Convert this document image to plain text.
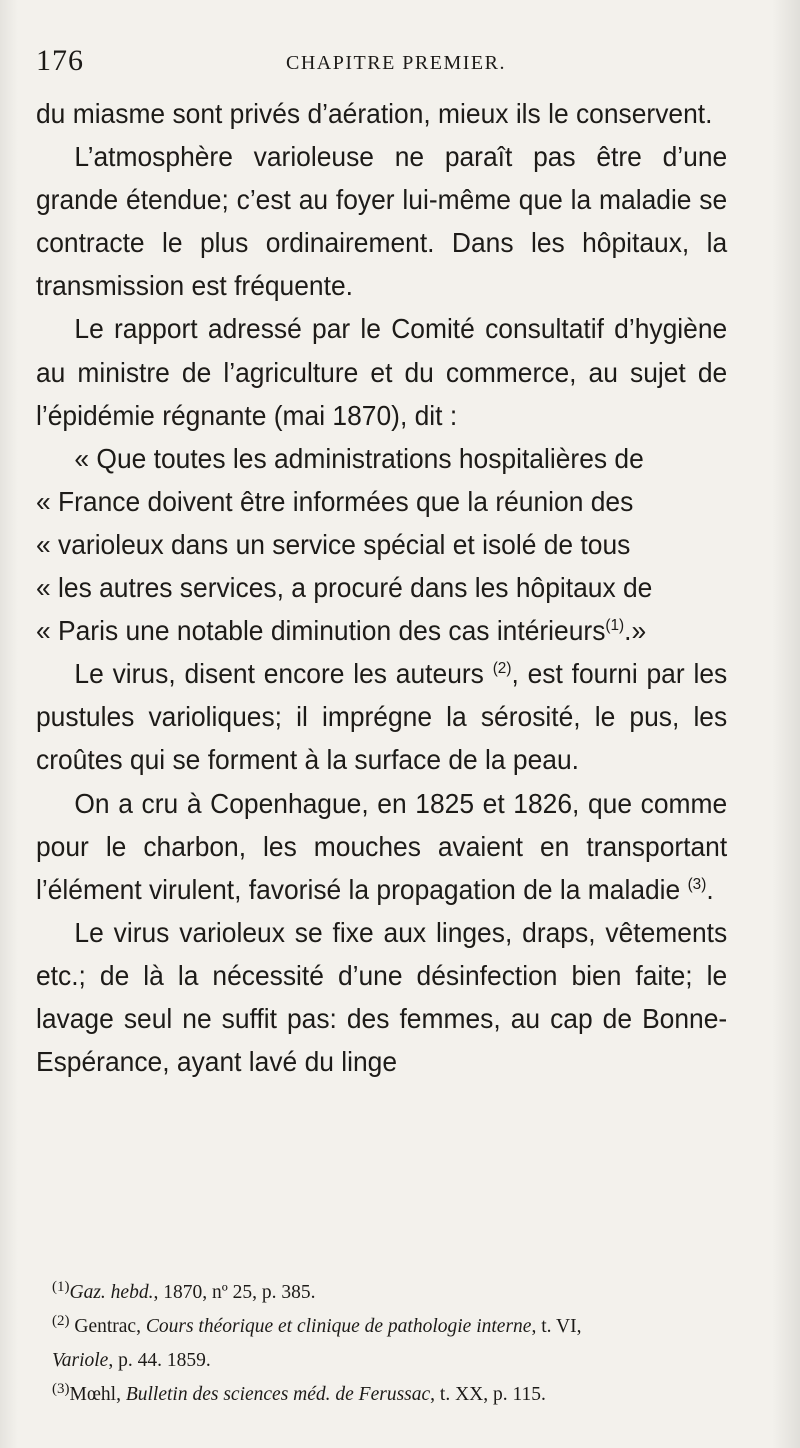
176	CHAPITRE PREMIER.

du miasme sont privés d’aération, mieux ils le conservent.

L’atmosphère varioleuse ne paraît pas être d’une grande étendue; c’est au foyer lui-même que la maladie se contracte le plus ordinairement. Dans les hôpitaux, la transmission est fréquente.

Le rapport adressé par le Comité consultatif d’hygiène au ministre de l’agriculture et du commerce, au sujet de l’épidémie régnante (mai 1870), dit :

« Que toutes les administrations hospitalières de
« France doivent être informées que la réunion des
« varioleux dans un service spécial et isolé de tous
« les autres services, a procuré dans les hôpitaux de
« Paris une notable diminution des cas intérieurs$^{(1)}$.»

Le virus, disent encore les auteurs $^{(2)}$, est fourni par les pustules varioliques; il imprégne la sérosité, le pus, les croûtes qui se forment à la surface de la peau.

On a cru à Copenhague, en 1825 et 1826, que comme pour le charbon, les mouches avaient en transportant l’élément virulent, favorisé la propagation de la maladie $^{(3)}$.

Le virus varioleux se fixe aux linges, draps, vêtements etc.; de là la nécessité d’une désinfection bien faite; le lavage seul ne suffit pas: des femmes, au cap de Bonne-Espérance, ayant lavé du linge

$^{(1)}$Gaz. hebd., 1870, nº 25, p. 385.

$^{(2)}$ Gentrac, Cours théorique et clinique de pathologie interne, t. VI,
Variole, p. 44. 1859.

$^{(3)}$Mœhl, Bulletin des sciences méd. de Ferussac, t. XX, p. 115.
